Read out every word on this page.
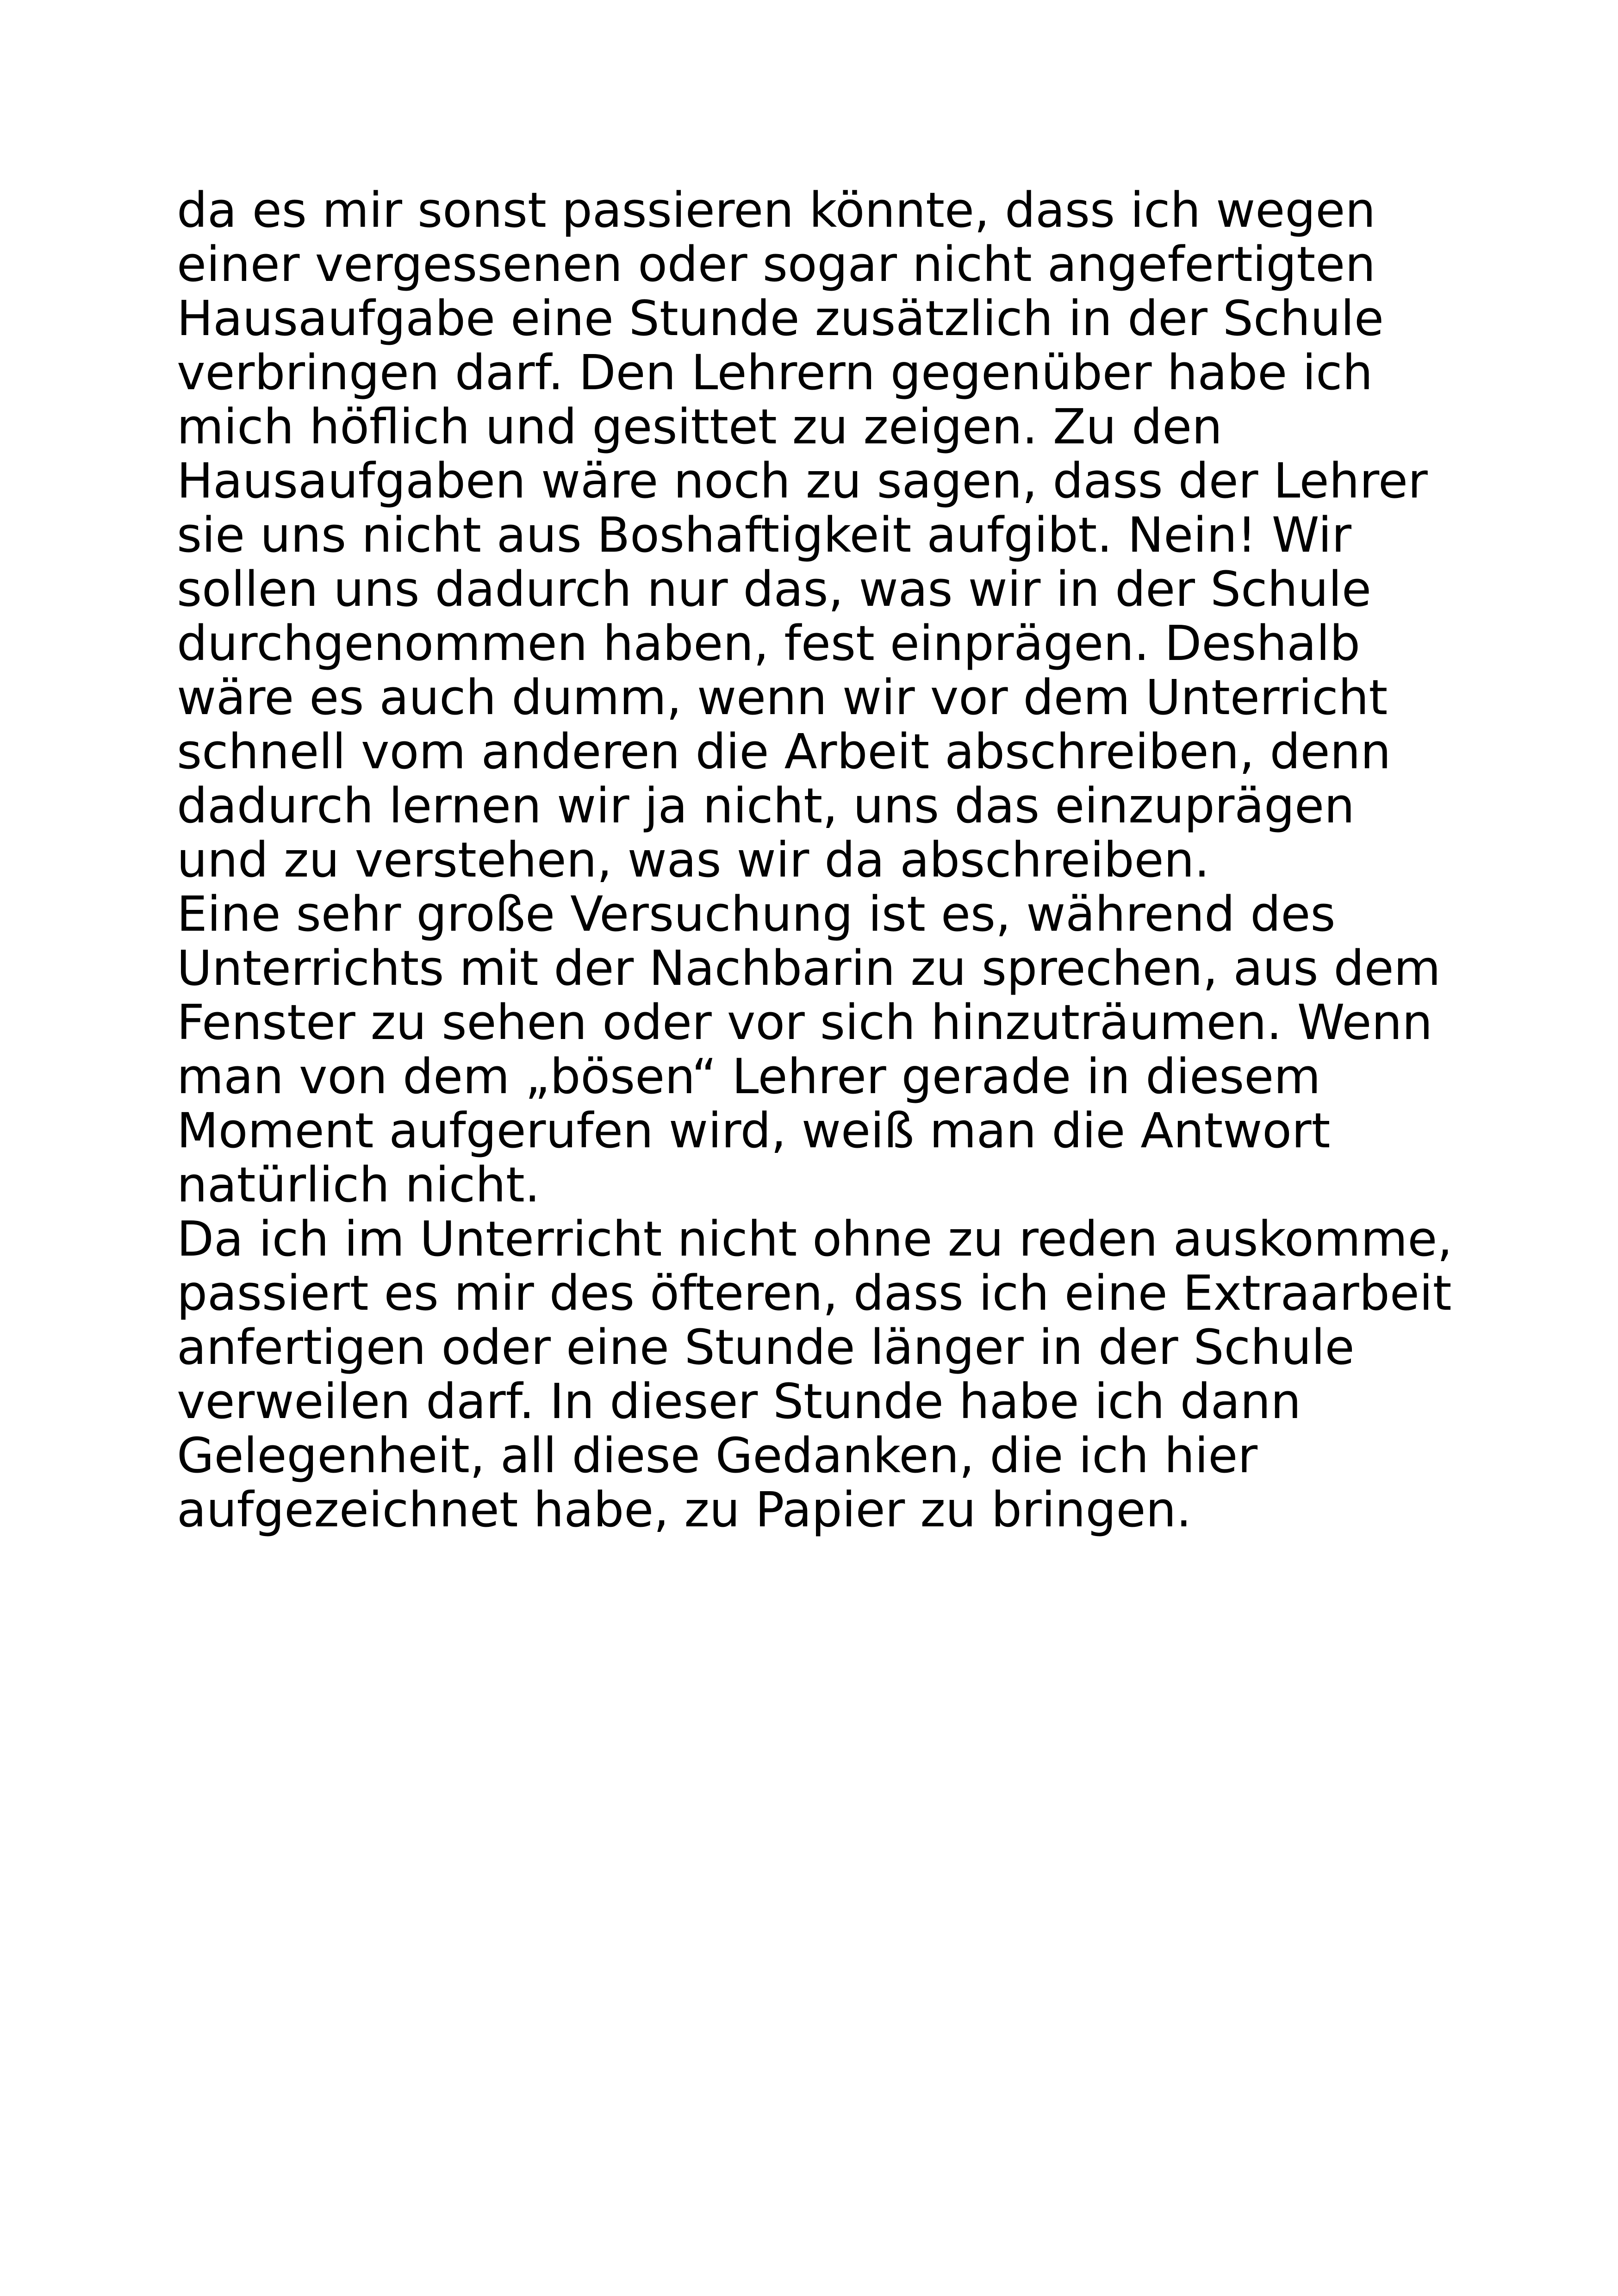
da es mir sonst passieren könnte, dass ich wegen
einer vergessenen oder sogar nicht angefertigten
Hausaufgabe eine Stunde zusätzlich in der Schule
verbringen darf. Den Lehrern gegenüber habe ich
mich höflich und gesittet zu zeigen. Zu den
Hausaufgaben wäre noch zu sagen, dass der Lehrer
sie uns nicht aus Boshaftigkeit aufgibt. Nein! Wir
sollen uns dadurch nur das, was wir in der Schule
durchgenommen haben, fest einprägen. Deshalb
wäre es auch dumm, wenn wir vor dem Unterricht
schnell vom anderen die Arbeit abschreiben, denn
dadurch lernen wir ja nicht, uns das einzuprägen
und zu verstehen, was wir da abschreiben.
Eine sehr große Versuchung ist es, während des
Unterrichts mit der Nachbarin zu sprechen, aus dem
Fenster zu sehen oder vor sich hinzuträumen. Wenn
man von dem „bösen“ Lehrer gerade in diesem
Moment aufgerufen wird, weiß man die Antwort
natürlich nicht.
Da ich im Unterricht nicht ohne zu reden auskomme,
passiert es mir des öfteren, dass ich eine Extraarbeit
anfertigen oder eine Stunde länger in der Schule
verweilen darf. In dieser Stunde habe ich dann
Gelegenheit, all diese Gedanken, die ich hier
aufgezeichnet habe, zu Papier zu bringen.
